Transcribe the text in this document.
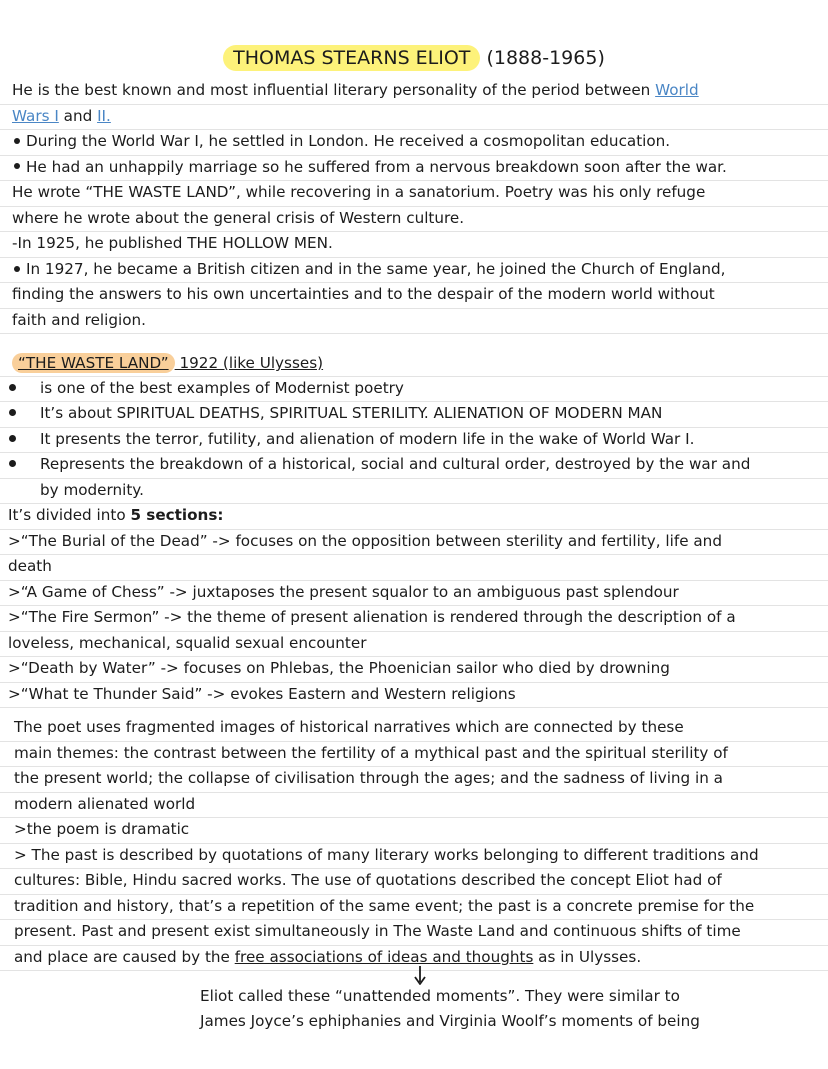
THOMAS STEARNS ELIOT (1888-1965)
He is the best known and most influential literary personality of the period between World
Wars I and II.
During the World War I, he settled in London. He received a cosmopolitan education.
He had an unhappily marriage so he suffered from a nervous breakdown soon after the war.
He wrote “THE WASTE LAND”, while recovering in a sanatorium. Poetry was his only refuge
where he wrote about the general crisis of Western culture.
-In 1925, he published THE HOLLOW MEN.
In 1927, he became a British citizen and in the same year, he joined the Church of England,
finding the answers to his own uncertainties and to the despair of the modern world without
faith and religion.
“THE WASTE LAND” 1922 (like Ulysses)
is one of the best examples of Modernist poetry
It’s about SPIRITUAL DEATHS, SPIRITUAL STERILITY. ALIENATION OF MODERN MAN
It presents the terror, futility, and alienation of modern life in the wake of World War I.
Represents the breakdown of a historical, social and cultural order, destroyed by the war and
by modernity.
It’s divided into 5 sections:
>“The Burial of the Dead” -> focuses on the opposition between sterility and fertility, life and
death
>“A Game of Chess” -> juxtaposes the present squalor to an ambiguous past splendour
>“The Fire Sermon” -> the theme of present alienation is rendered through the description of a
loveless, mechanical, squalid sexual encounter
>“Death by Water” -> focuses on Phlebas, the Phoenician sailor who died by drowning
>“What te Thunder Said” -> evokes Eastern and Western religions
The poet uses fragmented images of historical narratives which are connected by these
main themes: the contrast between the fertility of a mythical past and the spiritual sterility of
the present world; the collapse of civilisation through the ages; and the sadness of living in a
modern alienated world
>the poem is dramatic
> The past is described by quotations of many literary works belonging to different traditions and
cultures: Bible, Hindu sacred works. The use of quotations described the concept Eliot had of
tradition and history, that’s a repetition of the same event; the past is a concrete premise for the
present. Past and present exist simultaneously in The Waste Land and continuous shifts of time
and place are caused by the free associations of ideas and thoughts as in Ulysses.
Eliot called these “unattended moments”. They were similar to
James Joyce’s ephiphanies and Virginia Woolf’s moments of being
